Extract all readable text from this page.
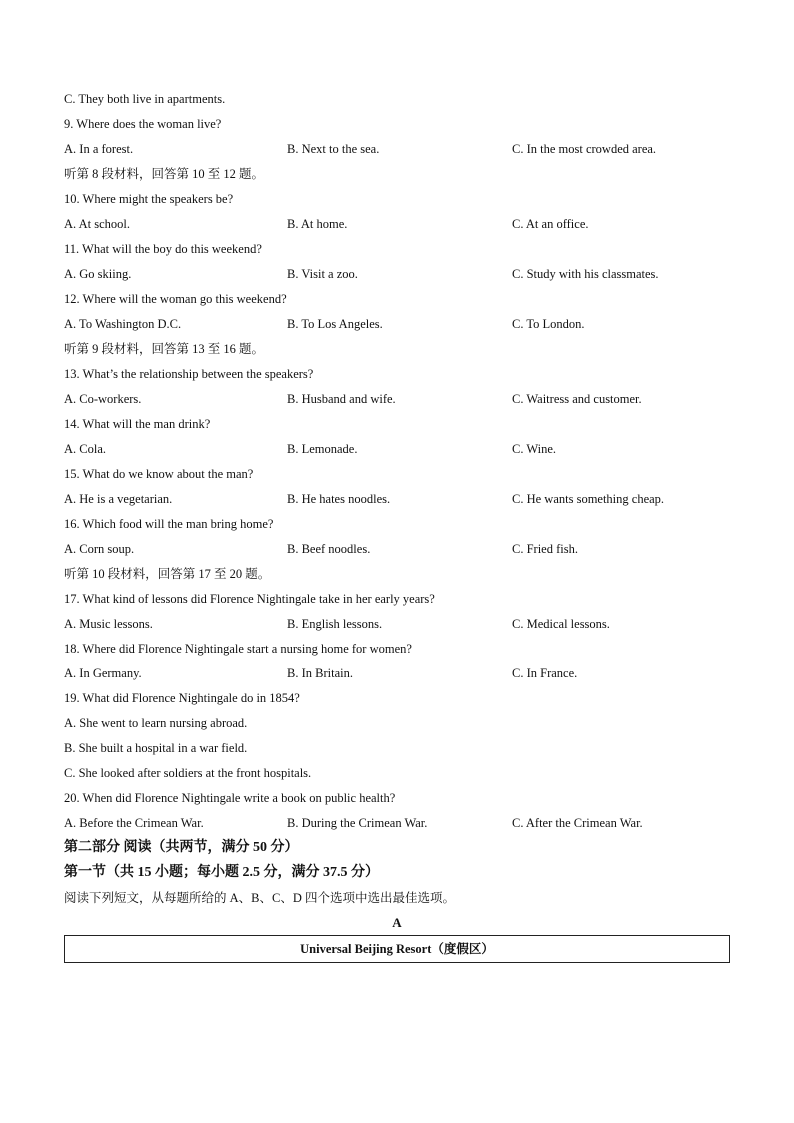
C. They both live in apartments.
9. Where does the woman live?
A. In a forest.	B. Next to the sea.	C. In the most crowded area.
听第 8 段材料，回答第 10 至 12 题。
10. Where might the speakers be?
A. At school.	B. At home.	C. At an office.
11. What will the boy do this weekend?
A. Go skiing.	B. Visit a zoo.	C. Study with his classmates.
12. Where will the woman go this weekend?
A. To Washington D.C.	B. To Los Angeles.	C. To London.
听第 9 段材料，回答第 13 至 16 题。
13. What’s the relationship between the speakers?
A. Co-workers.	B. Husband and wife.	C. Waitress and customer.
14. What will the man drink?
A. Cola.	B. Lemonade.	C. Wine.
15. What do we know about the man?
A. He is a vegetarian.	B. He hates noodles.	C. He wants something cheap.
16. Which food will the man bring home?
A. Corn soup.	B. Beef noodles.	C. Fried fish.
听第 10 段材料，回答第 17 至 20 题。
17. What kind of lessons did Florence Nightingale take in her early years?
A. Music lessons.	B. English lessons.	C. Medical lessons.
18. Where did Florence Nightingale start a nursing home for women?
A. In Germany.	B. In Britain.	C. In France.
19. What did Florence Nightingale do in 1854?
A. She went to learn nursing abroad.
B. She built a hospital in a war field.
C. She looked after soldiers at the front hospitals.
20. When did Florence Nightingale write a book on public health?
A. Before the Crimean War.	B. During the Crimean War.	C. After the Crimean War.
第二部分 阅读（共两节，满分 50 分）
第一节（共 15 小题；每小题 2.5 分，满分 37.5 分）
阅读下列短文，从每题所给的 A、B、C、D 四个选项中选出最佳选项。
A
Universal Beijing Resort（度假区）
